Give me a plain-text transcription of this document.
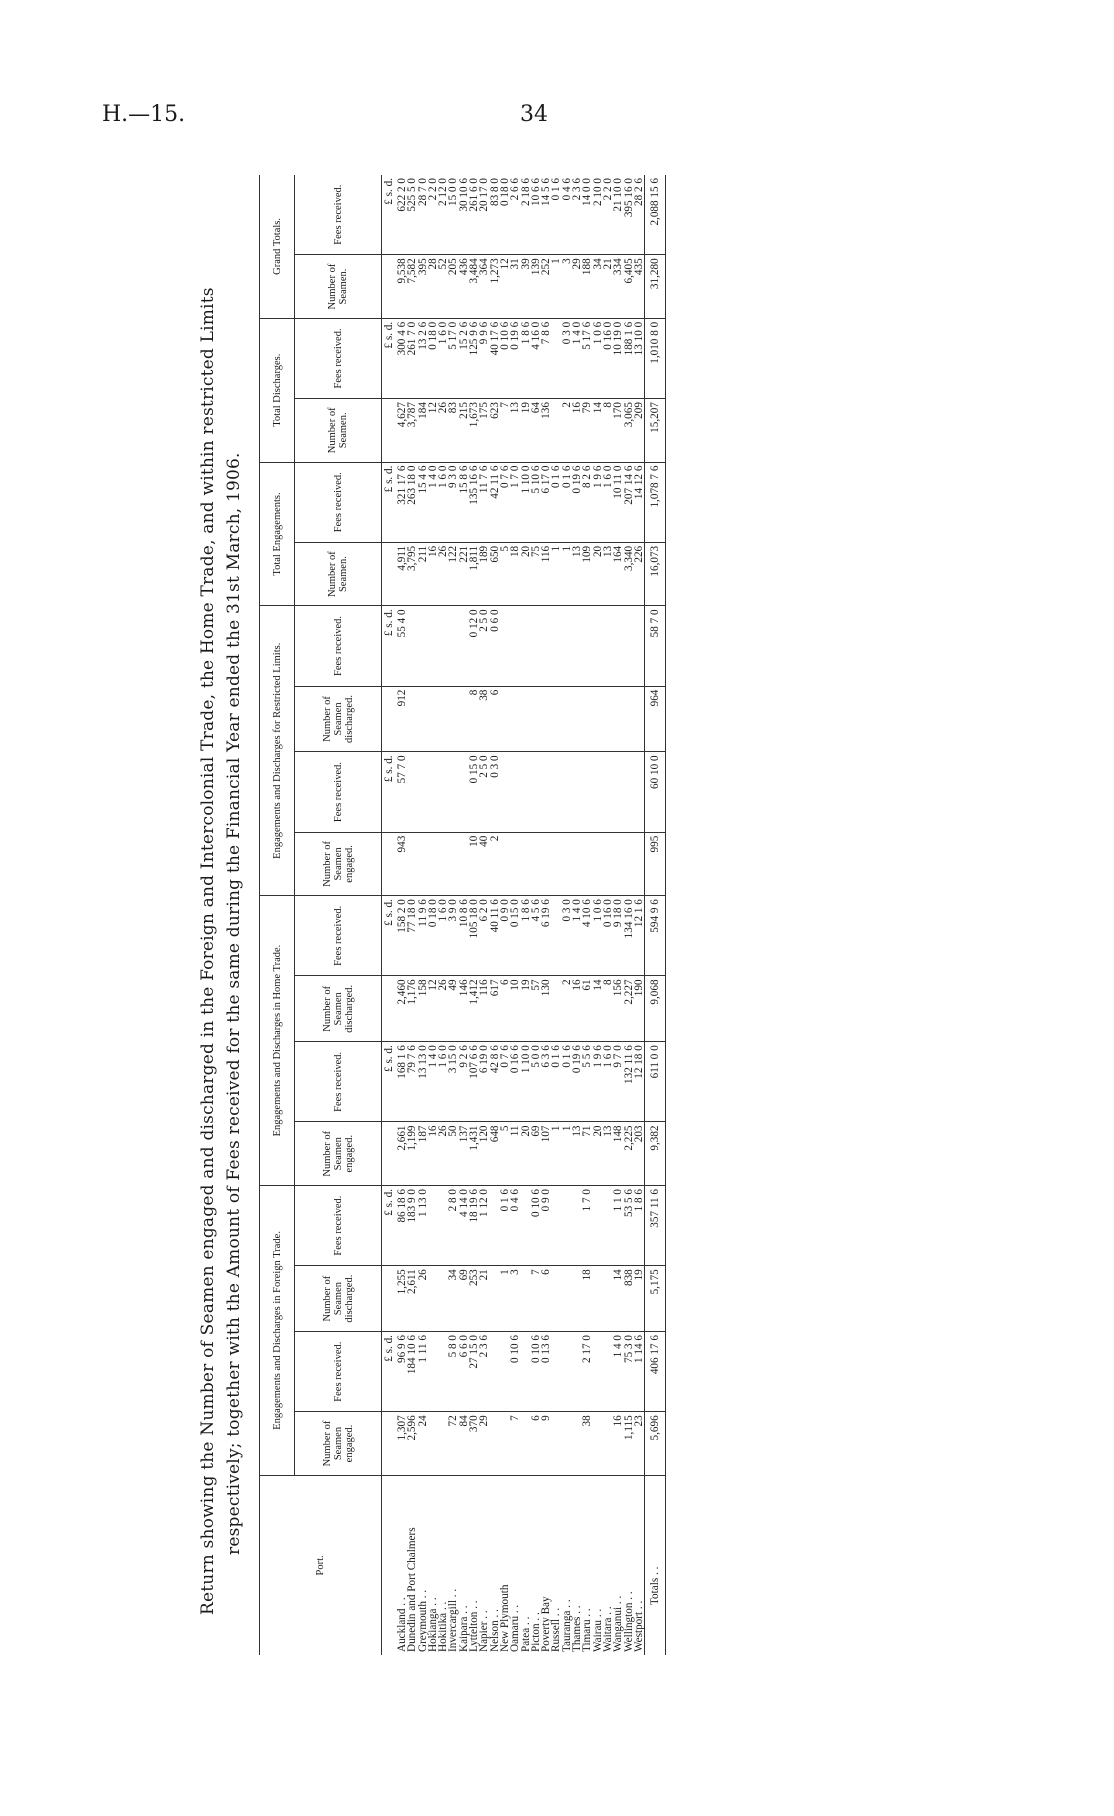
H.—15.	34
Return showing the Number of Seamen engaged and discharged in the Foreign and Intercolonial Trade, the Home Trade, and within restricted Limits respectively; together with the Amount of Fees received for the same during the Financial Year ended the 31st March, 1906.
Port.	Engagements and Discharges in Foreign Trade.				Engagements and Discharges in Home Trade.				Engagements and Discharges for Restricted Limits.				Total Engagements.		Total Discharges.		Grand Totals.	
	Number of Seamen engaged.	Fees received.	Number of Seamen discharged.	Fees received.	Number of Seamen engaged.	Fees received.	Number of Seamen discharged.	Fees received.	Number of Seamen engaged.	Fees received.	Number of Seamen discharged.	Fees received.	Number of Seamen.	Fees received.	Number of Seamen.	Fees received.	Number of Seamen.	Fees received.
		£ s. d.		£ s. d.		£ s. d.		£ s. d.		£ s. d.		£ s. d.		£ s. d.		£ s. d.		£ s. d.
Auckland . .	1,307	96 9 6	1,255	86 18 6	2,661	168 1 6	2,460	158 2 0	943	57 7 0	912	55 4 0	4,911	321 17 6	4,627	300 4 6	9,538	622 2 0
Dunedin and Port Chalmers	2,596	184 10 6	2,611	183 9 0	1,199	79 7 6	1,176	77 18 0					3,795	263 18 0	3,787	261 7 0	7,582	525 5 0
Greymouth . .	24	1 11 6	26	1 13 0	187	13 13 0	158	11 9 6					211	15 4 6	184	13 2 6	395	28 7 0
Hokianga . .					16	1 4 0	12	0 18 0					16	1 4 0	12	0 18 0	28	2 2 0
Hokitika . .					26	1 6 0	26	1 6 0					26	1 6 0	26	1 6 0	52	2 12 0
Invercargill . .	72	5 8 0	34	2 8 0	50	3 15 0	49	3 9 0					122	9 3 0	83	5 17 0	205	15 0 0
Kaipara . .	84	6 6 0	69	4 14 0	137	9 2 6	146	10 8 6					221	15 8 6	215	15 2 6	436	30 10 6
Lyttelton . .	370	27 15 0	253	18 19 6	1,431	107 6 6	1,412	105 18 0	10	0 15 0	8	0 12 0	1,811	135 16 6	1,673	125 9 6	3,484	261 6 0
Napier . .	29	2 3 6	21	1 12 0	120	6 19 0	116	6 2 0	40	2 5 0	38	2 5 0	189	11 7 6	175	9 9 6	364	20 17 0
Nelson . .					648	42 8 6	617	40 11 6	2	0 3 0	6	0 6 0	650	42 11 6	623	40 17 6	1,273	83 8 0
New Plymouth			1	0 1 6	5	0 7 6	6	0 9 0					5	0 7 6	7	0 10 6	12	0 18 0
Oamaru . .	7	0 10 6	3	0 4 6	11	0 16 6	10	0 15 0					18	1 7 0	13	0 19 6	31	2 6 6
Patea . .					20	1 10 0	19	1 8 6					20	1 10 0	19	1 8 6	39	2 18 6
Picton . .	6	0 10 6	7	0 10 6	69	5 0 0	57	4 5 6					75	5 10 6	64	4 16 0	139	10 6 6
Poverty Bay	9	0 13 6	6	0 9 0	107	6 3 6	130	6 19 6					116	6 17 0	136	7 8 6	252	14 5 6
Russell . .					1	0 1 6							1	0 1 6			1	0 1 6
Tauranga . .					1	0 1 6	2	0 3 0					1	0 1 6	2	0 3 0	3	0 4 6
Thames . .					13	0 19 6	16	1 4 0					13	0 19 6	16	1 4 0	29	2 3 6
Timaru . .	38	2 17 0	18	1 7 0	71	5 5 6	61	4 10 6					109	8 2 6	79	5 17 6	188	14 0 0
Wairau . .					20	1 9 6	14	1 0 6					20	1 9 6	14	1 0 6	34	2 10 0
Waitara . .					13	1 6 0	8	0 16 0					13	1 6 0	8	0 16 0	21	2 2 0
Wanganui . .	16	1 4 0	14	1 1 0	148	9 7 0	156	9 18 0					164	10 11 0	170	10 19 0	334	21 10 0
Wellington . .	1,115	75 3 0	838	53 5 6	2,225	132 11 6	2,227	134 16 0					3,340	207 14 6	3,065	188 1 6	6,405	395 16 0
Westport . .	23	1 14 6	19	1 8 6	203	12 18 0	190	12 1 6					226	14 12 6	209	13 10 0	435	28 2 6
Totals . .	5,696	406 17 6	5,175	357 11 6	9,382	611 0 0	9,068	594 9 6	995	60 10 0	964	58 7 0	16,073	1,078 7 6	15,207	1,010 8 0	31,280	2,088 15 6
